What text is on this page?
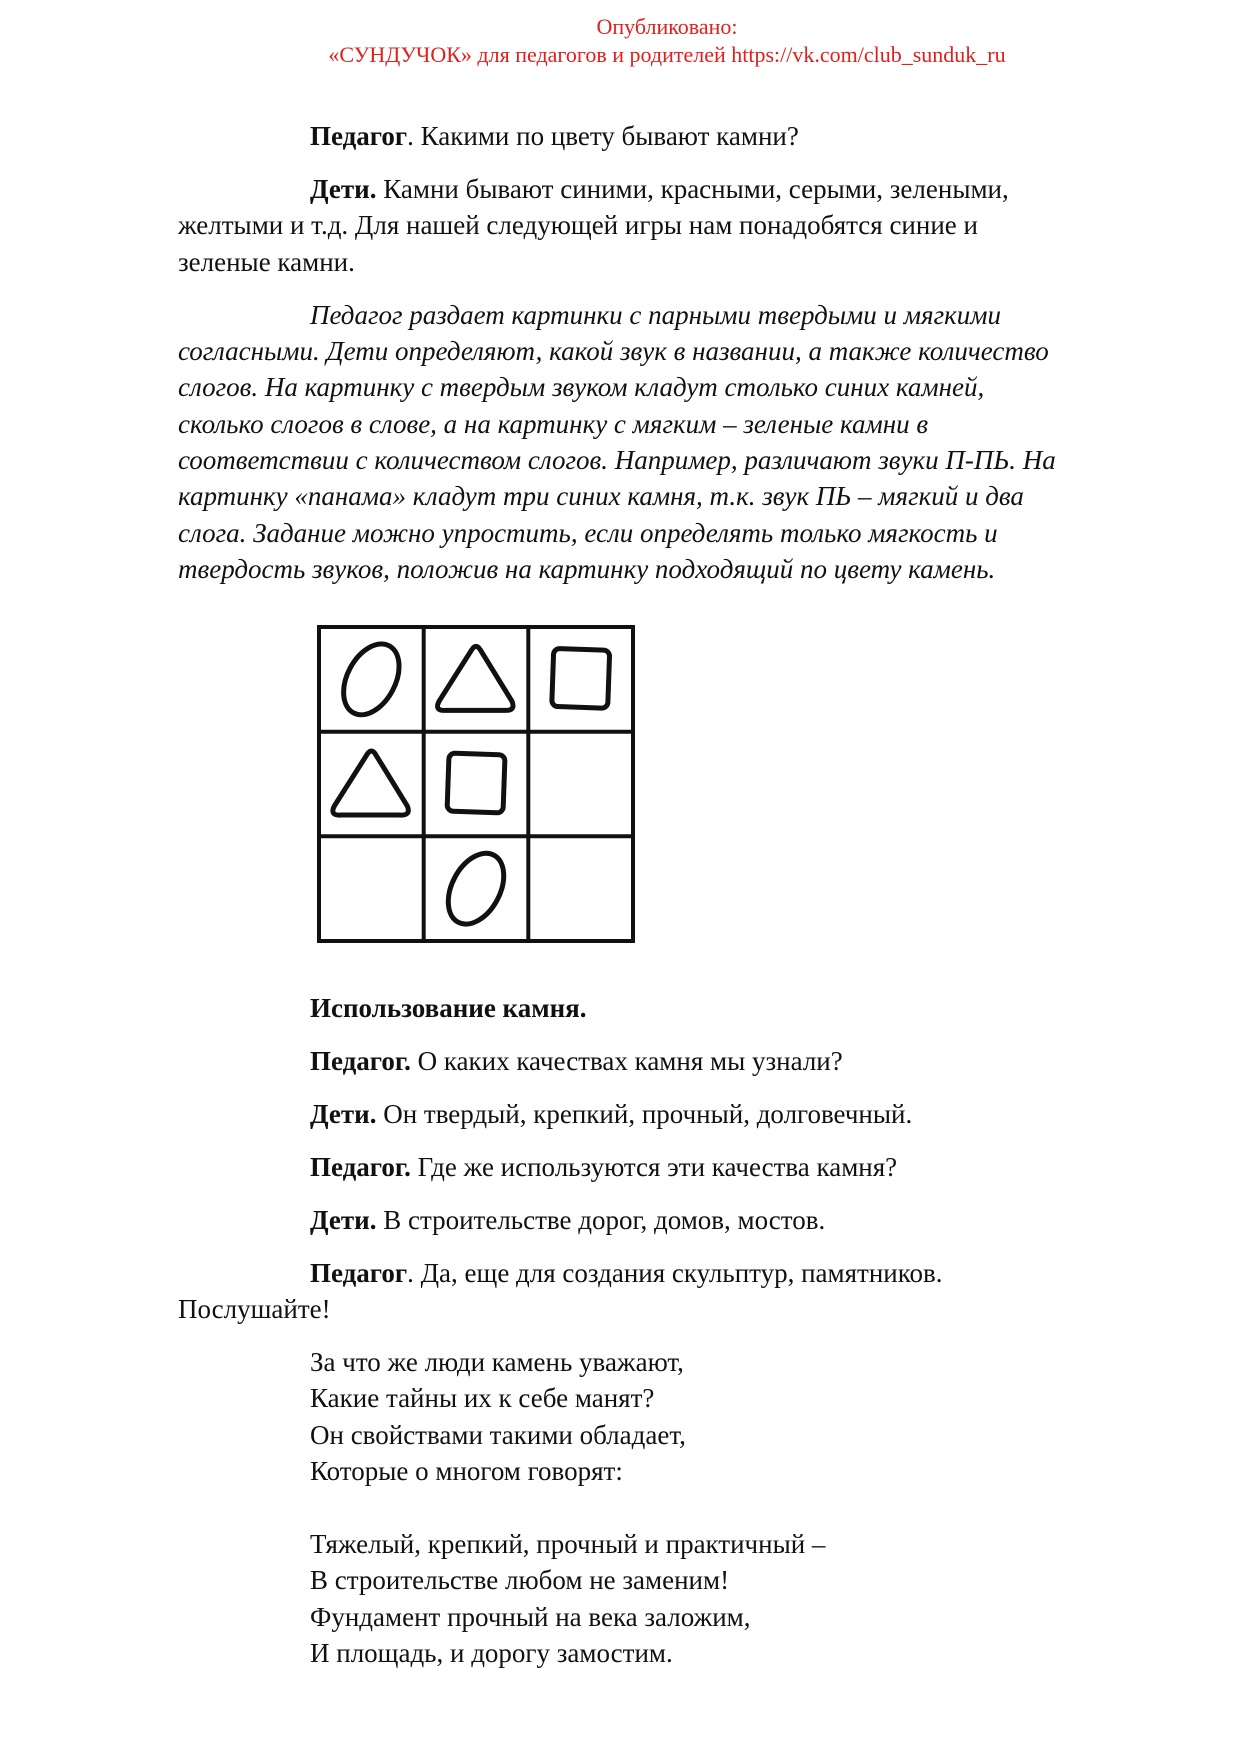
Опубликовано:
«СУНДУЧОК» для педагогов и родителей https://vk.com/club_sunduk_ru
Педагог. Какими по цвету бывают камни?
Дети. Камни бывают синими, красными, серыми, зелеными,
желтыми и т.д. Для нашей следующей игры нам понадобятся синие и
зеленые камни.
Педагог раздает картинки с парными твердыми и мягкими
согласными. Дети определяют, какой звук в названии, а также количество
слогов. На картинку с твердым звуком кладут столько синих камней,
сколько слогов в слове, а на картинку с мягким – зеленые камни в
соответствии с количеством слогов. Например, различают звуки П-ПЬ. На
картинку «панама» кладут три синих камня, т.к. звук ПЬ – мягкий и два
слога. Задание можно упростить, если определять только мягкость и
твердость звуков, положив на картинку подходящий по цвету камень.
Использование камня.
Педагог. О каких качествах камня мы узнали?
Дети. Он твердый, крепкий, прочный, долговечный.
Педагог. Где же используются эти качества камня?
Дети. В строительстве дорог, домов, мостов.
Педагог. Да, еще для создания скульптур, памятников.
Послушайте!
За что же люди камень уважают,
Какие тайны их к себе манят?
Он свойствами такими обладает,
Которые о многом говорят:
Тяжелый, крепкий, прочный и практичный –
В строительстве любом не заменим!
Фундамент прочный на века заложим,
И площадь, и дорогу замостим.
